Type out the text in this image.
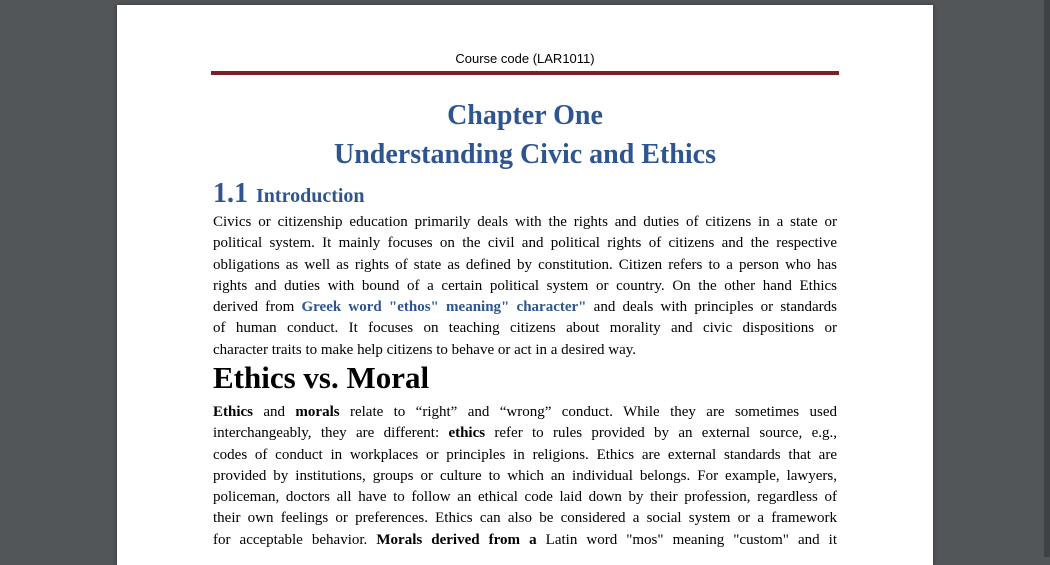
Course code (LAR1011)
Chapter One
Understanding Civic and Ethics
1.1 Introduction
Civics or citizenship education primarily deals with the rights and duties of citizens in a state or
political system. It mainly focuses on the civil and political rights of citizens and the respective
obligations as well as rights of state as defined by constitution. Citizen refers to a person who has
rights and duties with bound of a certain political system or country. On the other hand Ethics
derived from Greek word "ethos" meaning" character" and deals with principles or standards
of human conduct. It focuses on teaching citizens about morality and civic dispositions or
character traits to make help citizens to behave or act in a desired way.
Ethics vs. Moral
Ethics and morals relate to “right” and “wrong” conduct. While they are sometimes used
interchangeably, they are different: ethics refer to rules provided by an external source, e.g.,
codes of conduct in workplaces or principles in religions. Ethics are external standards that are
provided by institutions, groups or culture to which an individual belongs. For example, lawyers,
policeman, doctors all have to follow an ethical code laid down by their profession, regardless of
their own feelings or preferences. Ethics can also be considered a social system or a framework
for acceptable behavior. Morals derived from a Latin word "mos" meaning "custom" and it
